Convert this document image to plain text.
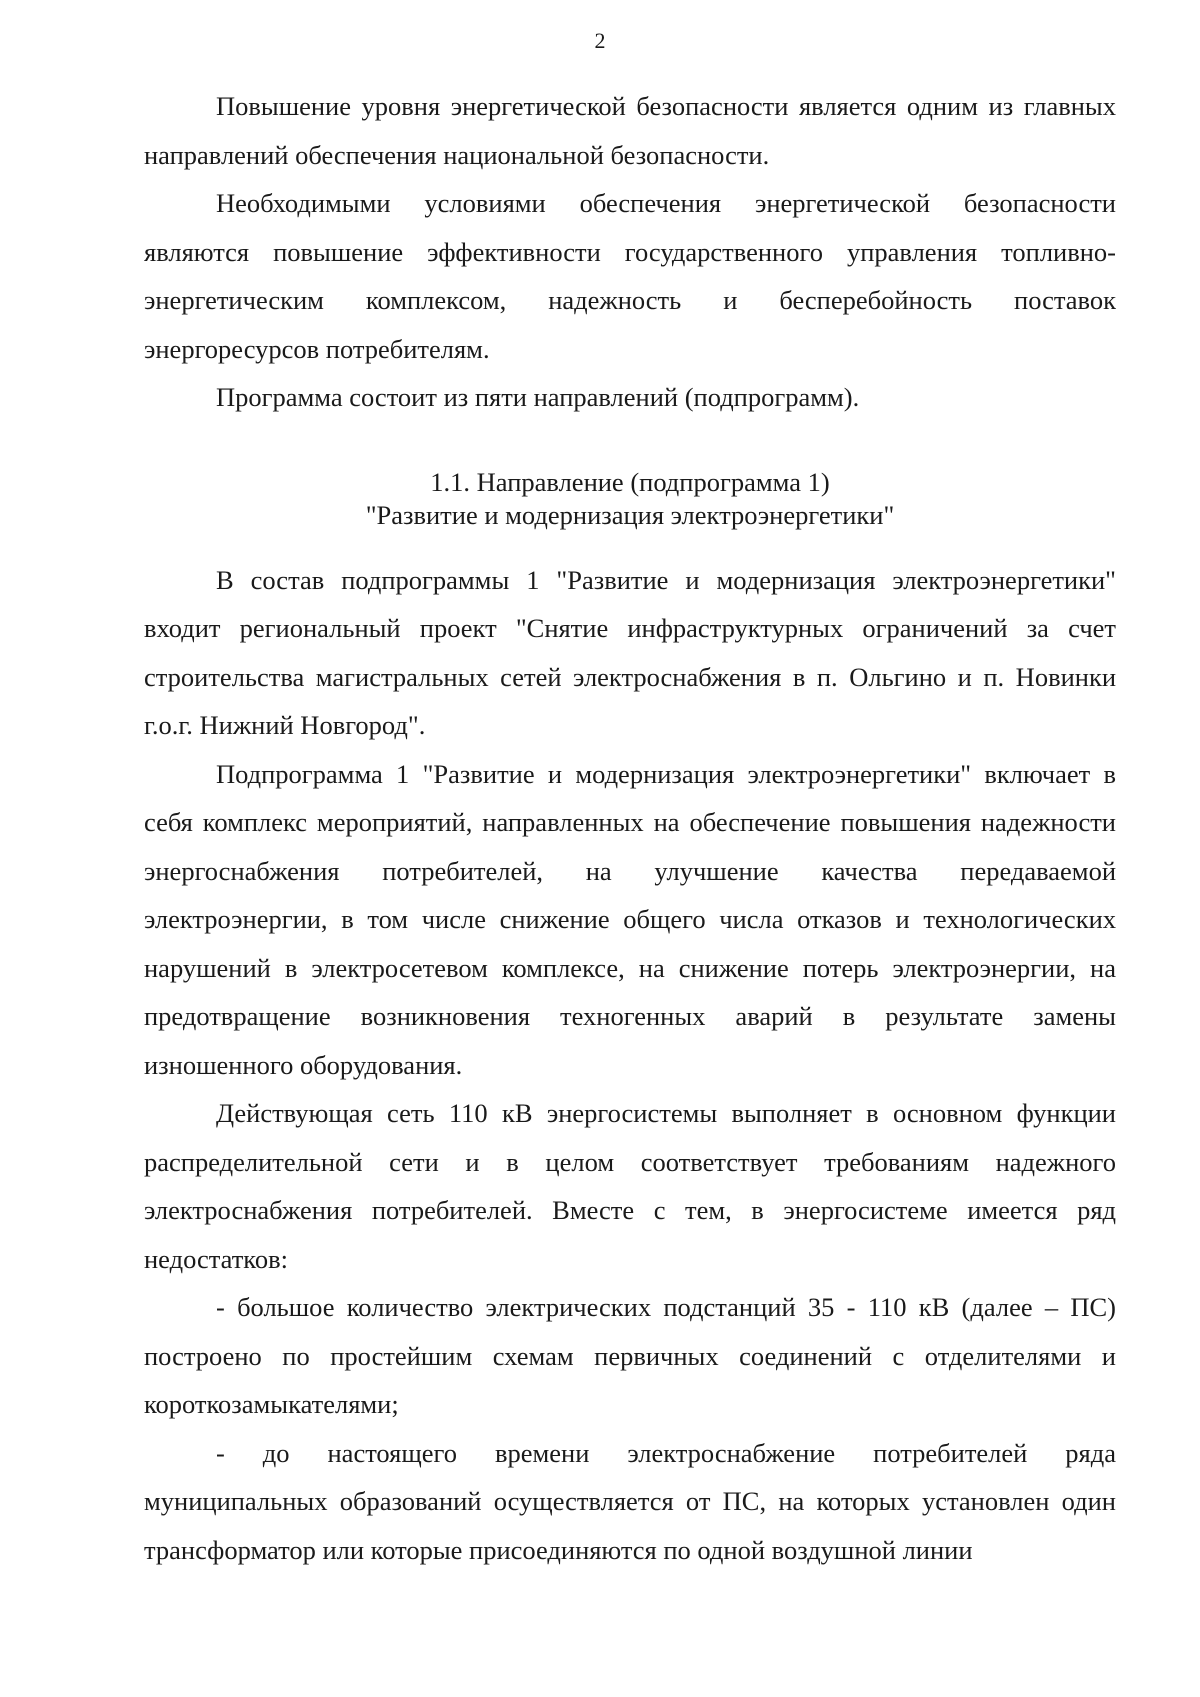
2

Повышение уровня энергетической безопасности является одним из главных направлений обеспечения национальной безопасности.

Необходимыми условиями обеспечения энергетической безопасности являются повышение эффективности государственного управления топливно-энергетическим комплексом, надежность и бесперебойность поставок энергоресурсов потребителям.

Программа состоит из пяти направлений (подпрограмм).

1.1. Направление (подпрограмма 1)
"Развитие и модернизация электроэнергетики"

В состав подпрограммы 1 "Развитие и модернизация электроэнергетики" входит региональный проект "Снятие инфраструктурных ограничений за счет строительства магистральных сетей электроснабжения в п. Ольгино и п. Новинки г.о.г. Нижний Новгород".

Подпрограмма 1 "Развитие и модернизация электроэнергетики" включает в себя комплекс мероприятий, направленных на обеспечение повышения надежности энергоснабжения потребителей, на улучшение качества передаваемой электроэнергии, в том числе снижение общего числа отказов и технологических нарушений в электросетевом комплексе, на снижение потерь электроэнергии, на предотвращение возникновения техногенных аварий в результате замены изношенного оборудования.

Действующая сеть 110 кВ энергосистемы выполняет в основном функции распределительной сети и в целом соответствует требованиям надежного электроснабжения потребителей. Вместе с тем, в энергосистеме имеется ряд недостатков:

- большое количество электрических подстанций 35 - 110 кВ (далее – ПС) построено по простейшим схемам первичных соединений с отделителями и короткозамыкателями;

- до настоящего времени электроснабжение потребителей ряда муниципальных образований осуществляется от ПС, на которых установлен один трансформатор или которые присоединяются по одной воздушной линии
